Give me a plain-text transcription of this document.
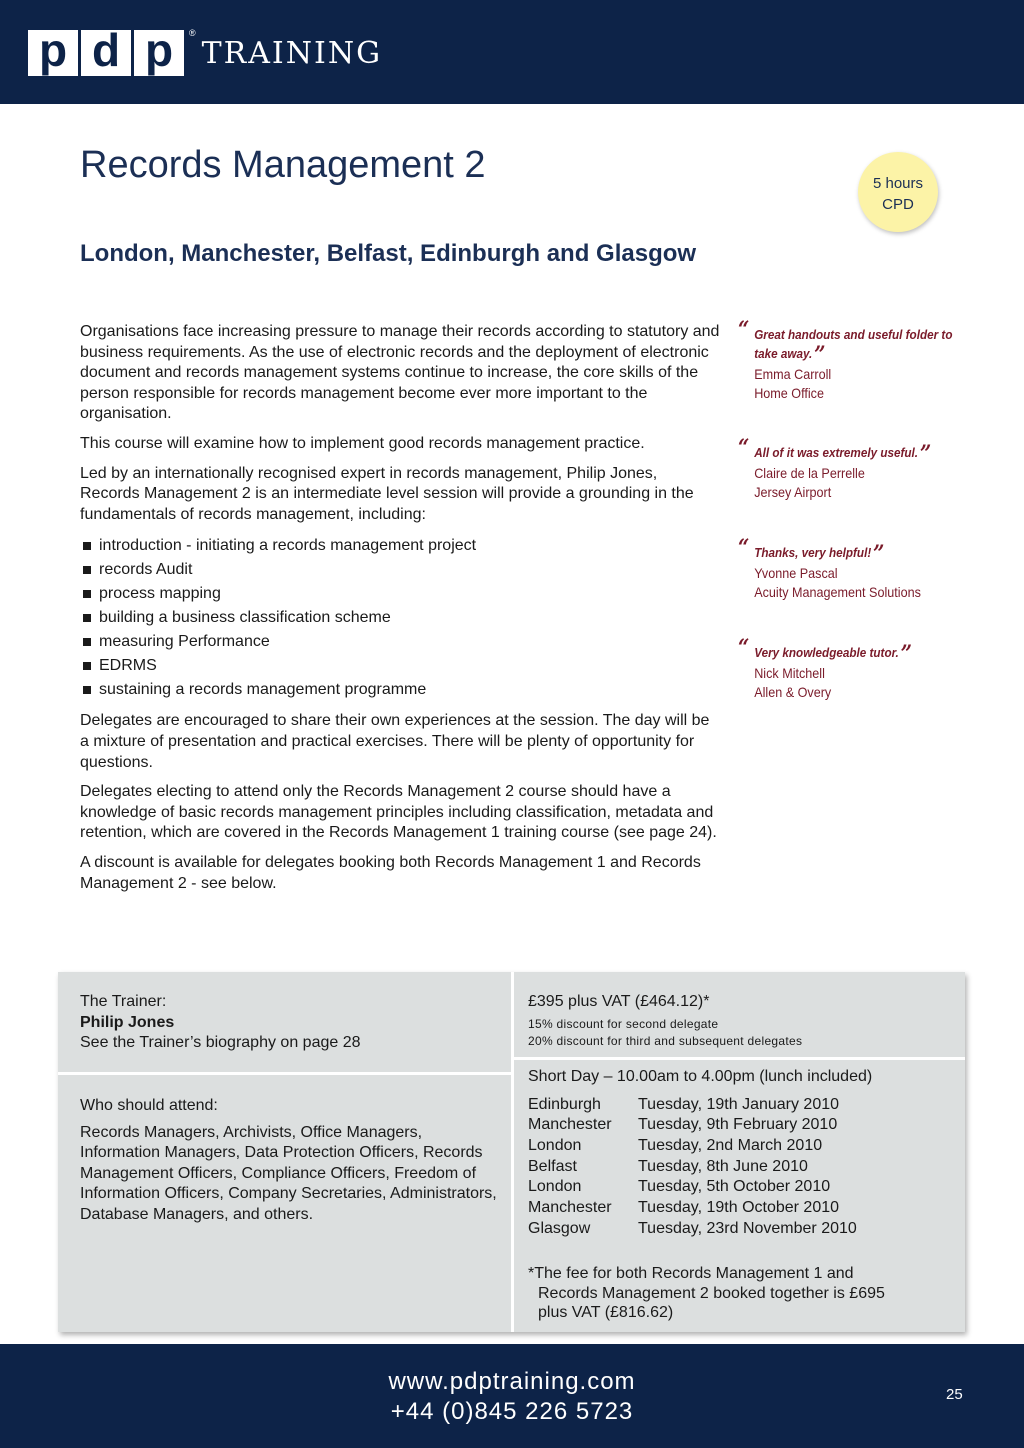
p d p	®
TRAINING
Records Management 2	5 hours
CPD
London, Manchester, Belfast, Edinburgh and Glasgow

Organisations face increasing pressure to manage their records according to statutory and business requirements. As the use of electronic records and the deployment of electronic document and records management systems continue to increase, the core skills of the person responsible for records management become ever more important to the organisation.

This course will examine how to implement good records management practice.

Led by an internationally recognised expert in records management, Philip Jones, Records Management 2 is an intermediate level session will provide a grounding in the fundamentals of records management, including:

introduction - initiating a records management project
records Audit
process mapping
building a business classification scheme
measuring Performance
EDRMS
sustaining a records management programme

Delegates are encouraged to share their own experiences at the session. The day will be a mixture of presentation and practical exercises. There will be plenty of opportunity for questions.

Delegates electing to attend only the Records Management 2 course should have a knowledge of basic records management principles including classification, metadata and retention, which are covered in the Records Management 1 training course (see page 24).

A discount is available for delegates booking both Records Management 1 and Records Management 2 - see below.

“ Great handouts and useful folder to take away.”
Emma Carroll
Home Office
“ All of it was extremely useful.”
Claire de la Perrelle
Jersey Airport
“ Thanks, very helpful!”
Yvonne Pascal
Acuity Management Solutions
“ Very knowledgeable tutor.”
Nick Mitchell
Allen & Overy
The Trainer:
Philip Jones
See the Trainer’s biography on page 28
Who should attend:
Records Managers, Archivists, Office Managers, Information Managers, Data Protection Officers, Records Management Officers, Compliance Officers, Freedom of Information Officers, Company Secretaries, Administrators, Database Managers, and others.
£395 plus VAT (£464.12)*
15% discount for second delegate
20% discount for third and subsequent delegates
Short Day – 10.00am to 4.00pm (lunch included)
Edinburgh	Tuesday, 19th January 2010
Manchester	Tuesday, 9th February 2010
London	Tuesday, 2nd March 2010
Belfast	Tuesday, 8th June 2010
London	Tuesday, 5th October 2010
Manchester	Tuesday, 19th October 2010
Glasgow	Tuesday, 23rd November 2010
*The fee for both Records Management 1 and
Records Management 2 booked together is £695
plus VAT (£816.62)
www.pdptraining.com
+44 (0)845 226 5723
25
